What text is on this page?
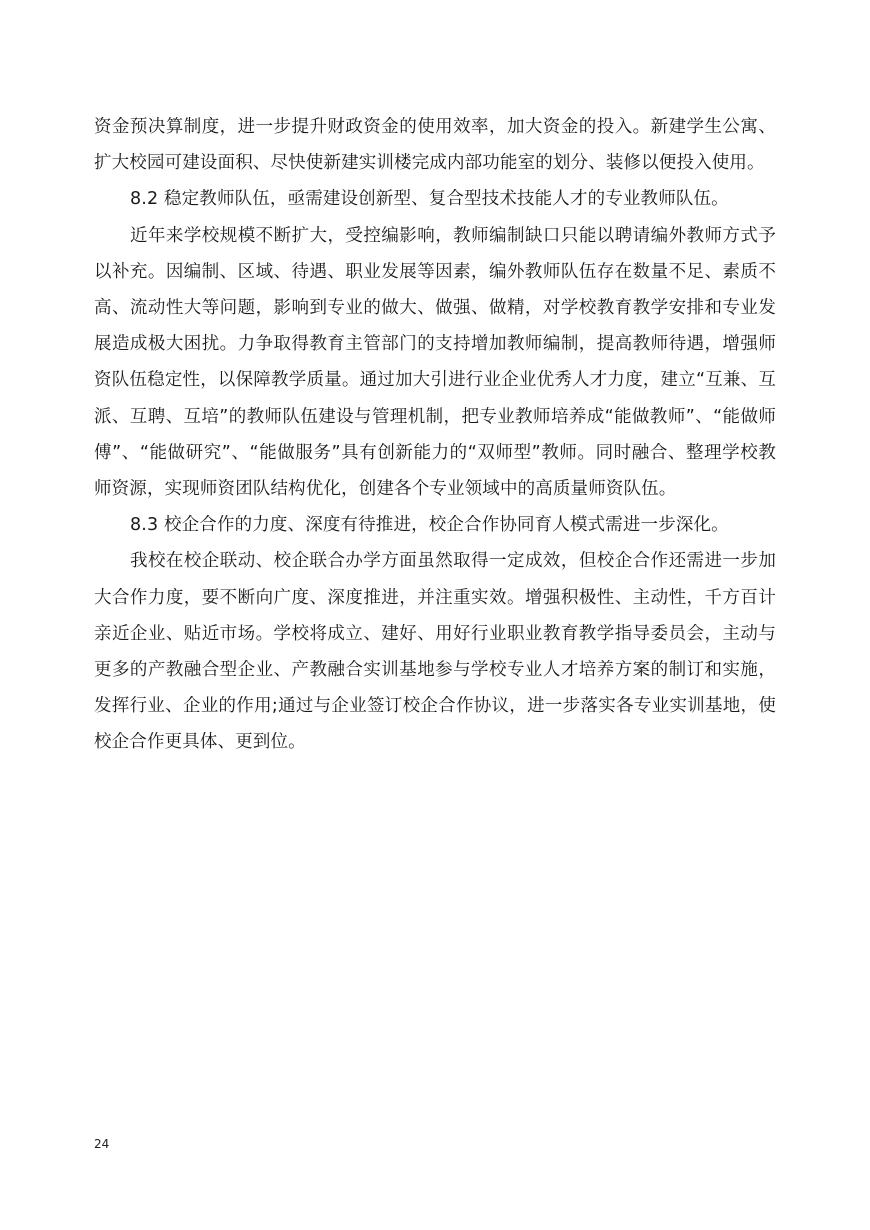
资金预决算制度，进一步提升财政资金的使用效率，加大资金的投入。新建学生公寓、扩大校园可建设面积、尽快使新建实训楼完成内部功能室的划分、装修以便投入使用。

8.2 稳定教师队伍，亟需建设创新型、复合型技术技能人才的专业教师队伍。

近年来学校规模不断扩大，受控编影响，教师编制缺口只能以聘请编外教师方式予以补充。因编制、区域、待遇、职业发展等因素，编外教师队伍存在数量不足、素质不高、流动性大等问题，影响到专业的做大、做强、做精，对学校教育教学安排和专业发展造成极大困扰。力争取得教育主管部门的支持增加教师编制，提高教师待遇，增强师资队伍稳定性，以保障教学质量。通过加大引进行业企业优秀人才力度，建立“互兼、互派、互聘、互培”的教师队伍建设与管理机制，把专业教师培养成“能做教师”、“能做师傅”、“能做研究”、“能做服务”具有创新能力的“双师型”教师。同时融合、整理学校教师资源，实现师资团队结构优化，创建各个专业领域中的高质量师资队伍。

8.3 校企合作的力度、深度有待推进，校企合作协同育人模式需进一步深化。

我校在校企联动、校企联合办学方面虽然取得一定成效，但校企合作还需进一步加大合作力度，要不断向广度、深度推进，并注重实效。增强积极性、主动性，千方百计亲近企业、贴近市场。学校将成立、建好、用好行业职业教育教学指导委员会，主动与更多的产教融合型企业、产教融合实训基地参与学校专业人才培养方案的制订和实施，发挥行业、企业的作用;通过与企业签订校企合作协议，进一步落实各专业实训基地，使校企合作更具体、更到位。

24
